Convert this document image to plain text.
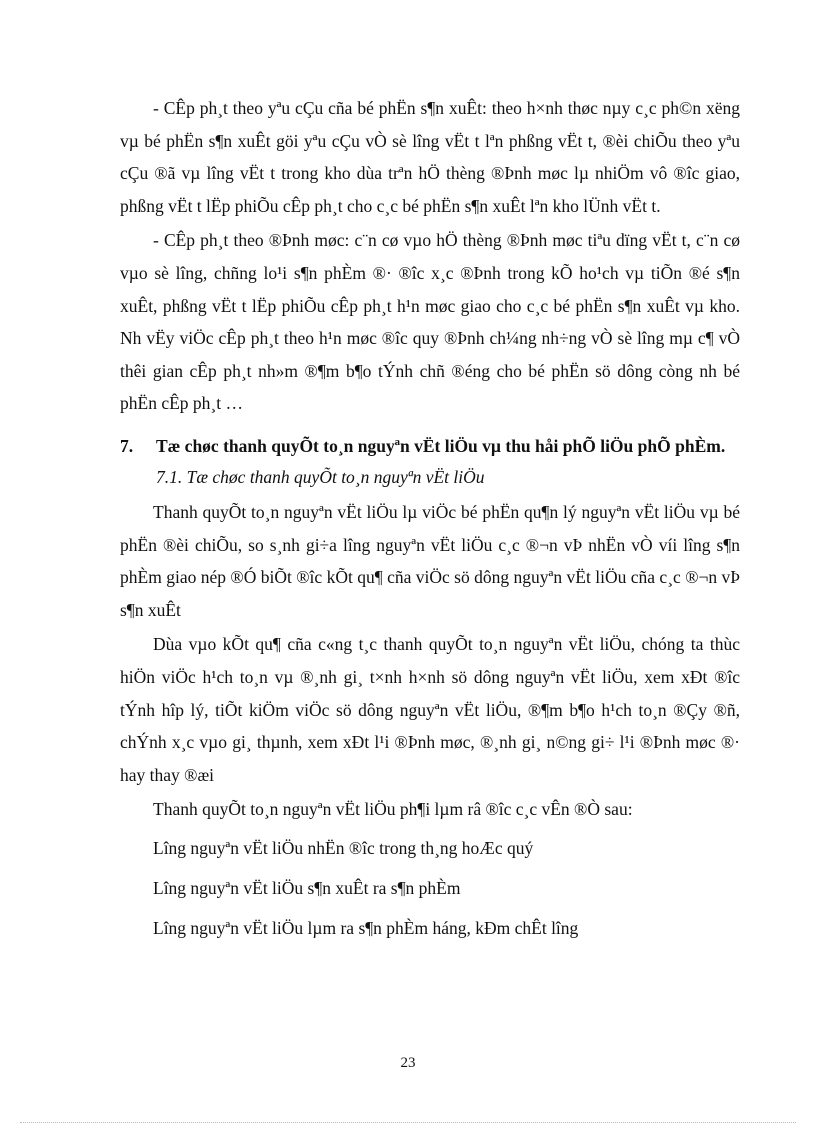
- CÊp ph¸t theo yªu cÇu cña bé phËn s¶n xuÊt: theo h×nh thøc nµy c¸c ph©n xëng vµ bé phËn s¶n xuÊt göi yªu cÇu vÒ sè lîng vËt t lªn phßng vËt t, ®èi chiÕu theo yªu cÇu ®ã vµ lîng vËt t trong kho dùa trªn hÖ thèng ®Þnh møc lµ nhiÖm vô ®îc giao, phßng vËt t lËp phiÕu cÊp ph¸t cho c¸c bé phËn s¶n xuÊt lªn kho lÜnh vËt t.

- CÊp ph¸t theo ®Þnh møc: c¨n cø vµo hÖ thèng ®Þnh møc tiªu dïng vËt t, c¨n cø vµo sè lîng, chñng lo¹i s¶n phÈm ®· ®îc x¸c ®Þnh trong kÕ ho¹ch vµ tiÕn ®é s¶n xuÊt, phßng vËt t lËp phiÕu cÊp ph¸t h¹n møc giao cho c¸c bé phËn s¶n xuÊt vµ kho. Nh vËy viÖc cÊp ph¸t theo h¹n møc ®îc quy ®Þnh ch¼ng nh÷ng vÒ sè lîng mµ c¶ vÒ thêi gian cÊp ph¸t nh»m ®¶m b¶o tÝnh chñ ®éng cho bé phËn sö dông còng nh bé phËn cÊp ph¸t …

7.	Tæ chøc thanh quyÕt to¸n nguyªn vËt liÖu vµ thu håi phÕ liÖu phÕ phÈm.
7.1. Tæ chøc thanh quyÕt to¸n nguyªn vËt liÖu

Thanh quyÕt to¸n nguyªn vËt liÖu lµ viÖc bé phËn qu¶n lý nguyªn vËt liÖu vµ bé phËn ®èi chiÕu, so s¸nh gi÷a lîng nguyªn vËt liÖu c¸c ®¬n vÞ nhËn vÒ víi lîng s¶n phÈm giao nép ®Ó biÕt ®îc kÕt qu¶ cña viÖc sö dông nguyªn vËt liÖu cña c¸c ®¬n vÞ s¶n xuÊt

Dùa vµo kÕt qu¶ cña c«ng t¸c thanh quyÕt to¸n nguyªn vËt liÖu, chóng ta thùc hiÖn viÖc h¹ch to¸n vµ ®¸nh gi¸ t×nh h×nh sö dông nguyªn vËt liÖu, xem xÐt ®îc tÝnh hîp lý, tiÕt kiÖm viÖc sö dông nguyªn vËt liÖu, ®¶m b¶o h¹ch to¸n ®Çy ®ñ, chÝnh x¸c vµo gi¸ thµnh, xem xÐt l¹i ®Þnh møc, ®¸nh gi¸ n©ng gi÷ l¹i ®Þnh møc ®· hay thay ®æi

Thanh quyÕt to¸n nguyªn vËt liÖu ph¶i lµm râ ®îc c¸c vÊn ®Ò sau:

Lîng nguyªn vËt liÖu nhËn ®îc trong th¸ng hoÆc quý

Lîng nguyªn vËt liÖu s¶n xuÊt ra s¶n phÈm

Lîng nguyªn vËt liÖu lµm ra s¶n phÈm háng, kÐm chÊt lîng

23
